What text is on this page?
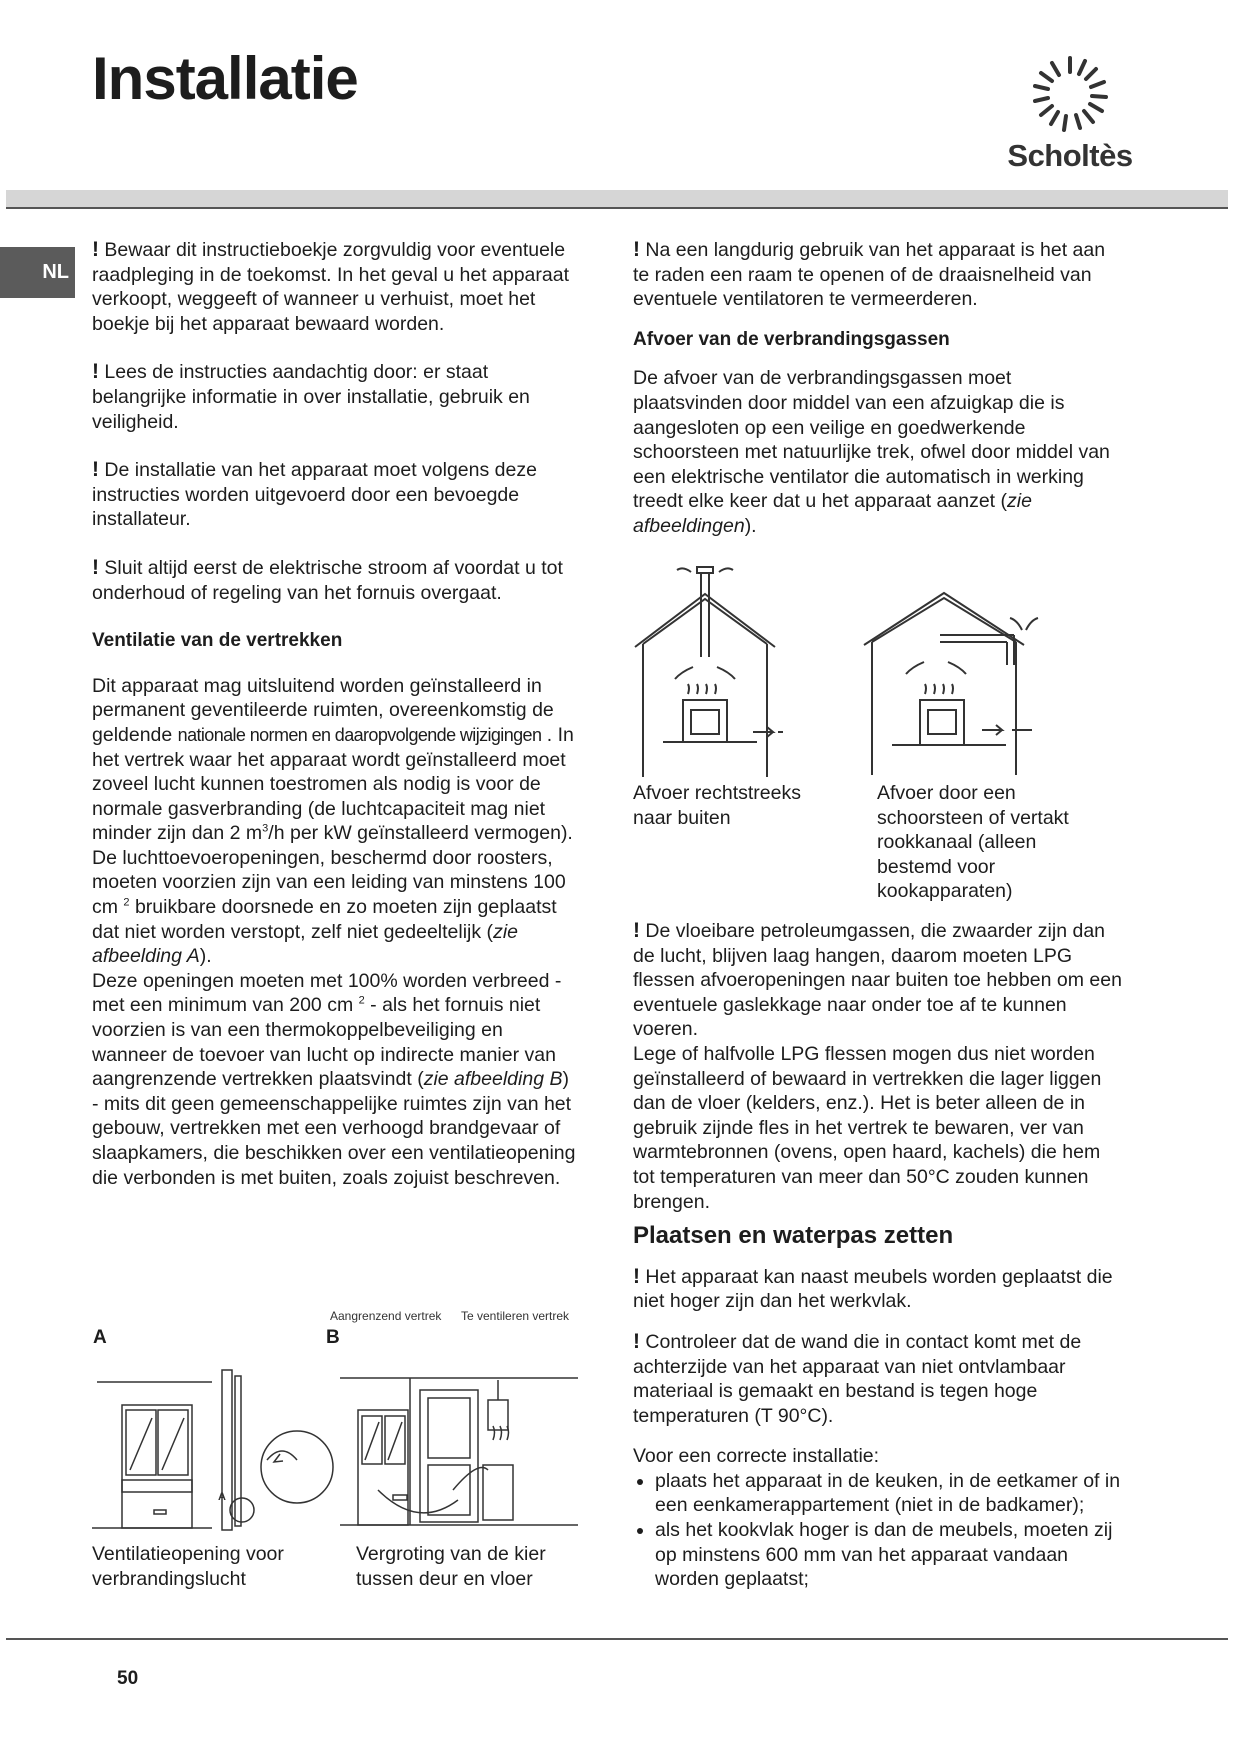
Installatie
Scholtès
NL

! Bewaar dit instructieboekje zorgvuldig voor eventuele raadpleging in de toekomst. In het geval u het apparaat verkoopt, weggeeft of wanneer u verhuist, moet het boekje bij het apparaat bewaard worden.

! Lees de instructies aandachtig door: er staat belangrijke informatie in over installatie, gebruik en veiligheid.

! De installatie van het apparaat moet volgens deze instructies worden uitgevoerd door een bevoegde installateur.

! Sluit altijd eerst de elektrische stroom af voordat u tot onderhoud of regeling van het fornuis overgaat.

Ventilatie van de vertrekken

Dit apparaat mag uitsluitend worden geïnstalleerd in permanent geventileerde ruimten, overeenkomstig de geldende nationale normen en daaropvolgende wijzigingen . In het vertrek waar het apparaat wordt geïnstalleerd moet zoveel lucht kunnen toestromen als nodig is voor de normale gasverbranding (de luchtcapaciteit mag niet minder zijn dan 2 $m^3/h$ per kW geïnstalleerd vermogen).

De luchttoevoeropeningen, beschermd door roosters, moeten voorzien zijn van een leiding van minstens 100 cm $^2$ bruikbare doorsnede en zo moeten zijn geplaatst dat niet worden verstopt, zelf niet gedeeltelijk (zie afbeelding A).

Deze openingen moeten met 100% worden verbreed - met een minimum van 200 cm $^2$ - als het fornuis niet voorzien is van een thermokoppelbeveiliging en wanneer de toevoer van lucht op indirecte manier van aangrenzende vertrekken plaatsvindt (zie afbeelding B) - mits dit geen gemeenschappelijke ruimtes zijn van het gebouw, vertrekken met een verhoogd brandgevaar of slaapkamers, die beschikken over een ventilatieopening die verbonden is met buiten, zoals zojuist beschreven.

Aangrenzend vertrek Te ventileren vertrek
A	B
A
Ventilatieopening voor verbrandingslucht
Vergroting van de kier tussen deur en vloer

! Na een langdurig gebruik van het apparaat is het aan te raden een raam te openen of de draaisnelheid van eventuele ventilatoren te vermeerderen.

Afvoer van de verbrandingsgassen

De afvoer van de verbrandingsgassen moet plaatsvinden door middel van een afzuigkap die is aangesloten op een veilige en goedwerkende schoorsteen met natuurlijke trek, ofwel door middel van een elektrische ventilator die automatisch in werking treedt elke keer dat u het apparaat aanzet (zie afbeeldingen).

Afvoer rechtstreeks naar buiten
Afvoer door een schoorsteen of vertakt rookkanaal (alleen bestemd voor kookapparaten)

! De vloeibare petroleumgassen, die zwaarder zijn dan de lucht, blijven laag hangen, daarom moeten LPG flessen afvoeropeningen naar buiten toe hebben om een eventuele gaslekkage naar onder toe af te kunnen voeren.

Lege of halfvolle LPG flessen mogen dus niet worden geïnstalleerd of bewaard in vertrekken die lager liggen dan de vloer (kelders, enz.). Het is beter alleen de in gebruik zijnde fles in het vertrek te bewaren, ver van warmtebronnen (ovens, open haard, kachels) die hem tot temperaturen van meer dan 50°C zouden kunnen brengen.

Plaatsen en waterpas zetten

! Het apparaat kan naast meubels worden geplaatst die niet hoger zijn dan het werkvlak.

! Controleer dat de wand die in contact komt met de achterzijde van het apparaat van niet ontvlambaar materiaal is gemaakt en bestand is tegen hoge temperaturen (T 90°C).

Voor een correcte installatie:

• plaats het apparaat in de keuken, in de eetkamer of in een eenkamerappartement (niet in de badkamer);
• als het kookvlak hoger is dan de meubels, moeten zij op minstens 600 mm van het apparaat vandaan worden geplaatst;
50
